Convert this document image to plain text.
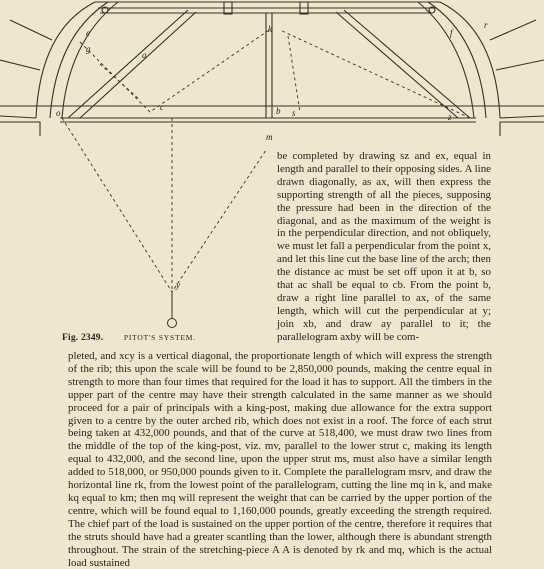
e
g
a
k	f
r
c
o	b s	z
m
y
Fig. 2349.	PITOT'S SYSTEM.

be completed by drawing sz and ex, equal in length and parallel to their opposing sides. A line drawn diagonally, as ax, will then express the supporting strength of all the pieces, supposing the pressure had been in the direction of the diagonal, and as the maximum of the weight is in the perpendicular direction, and not obliquely, we must let fall a perpendicular from the point x, and let this line cut the base line of the arch; then the distance ac must be set off upon it at b, so that ac shall be equal to cb. From the point b, draw a right line parallel to ax, of the same length, which will cut the perpendicular at y; join xb, and draw ay parallel to it; the parallelogram axby will be com-

pleted, and xcy is a vertical diagonal, the proportionate length of which will express the strength of the rib; this upon the scale will be found to be 2,850,000 pounds, making the centre equal in strength to more than four times that required for the load it has to support. All the timbers in the upper part of the centre may have their strength calculated in the same manner as we should proceed for a pair of principals with a king-post, making due allowance for the extra support given to a centre by the outer arched rib, which does not exist in a roof. The force of each strut being taken at 432,000 pounds, and that of the curve at 518,400, we must draw two lines from the middle of the top of the king-post, viz. mv, parallel to the lower strut c, making its length equal to 432,000, and the second line, upon the upper strut ms, must also have a similar length added to 518,000, or 950,000 pounds given to it. Complete the parallelogram msrv, and draw the horizontal line rk, from the lowest point of the parallelogram, cutting the line mq in k, and make kq equal to km; then mq will represent the weight that can be carried by the upper portion of the centre, which will be found equal to 1,160,000 pounds, greatly exceeding the strength required. The chief part of the load is sustained on the upper portion of the centre, therefore it requires that the struts should have had a greater scantling than the lower, although there is abundant strength throughout. The strain of the stretching-piece A A is denoted by rk and mq, which is the actual load sustained
